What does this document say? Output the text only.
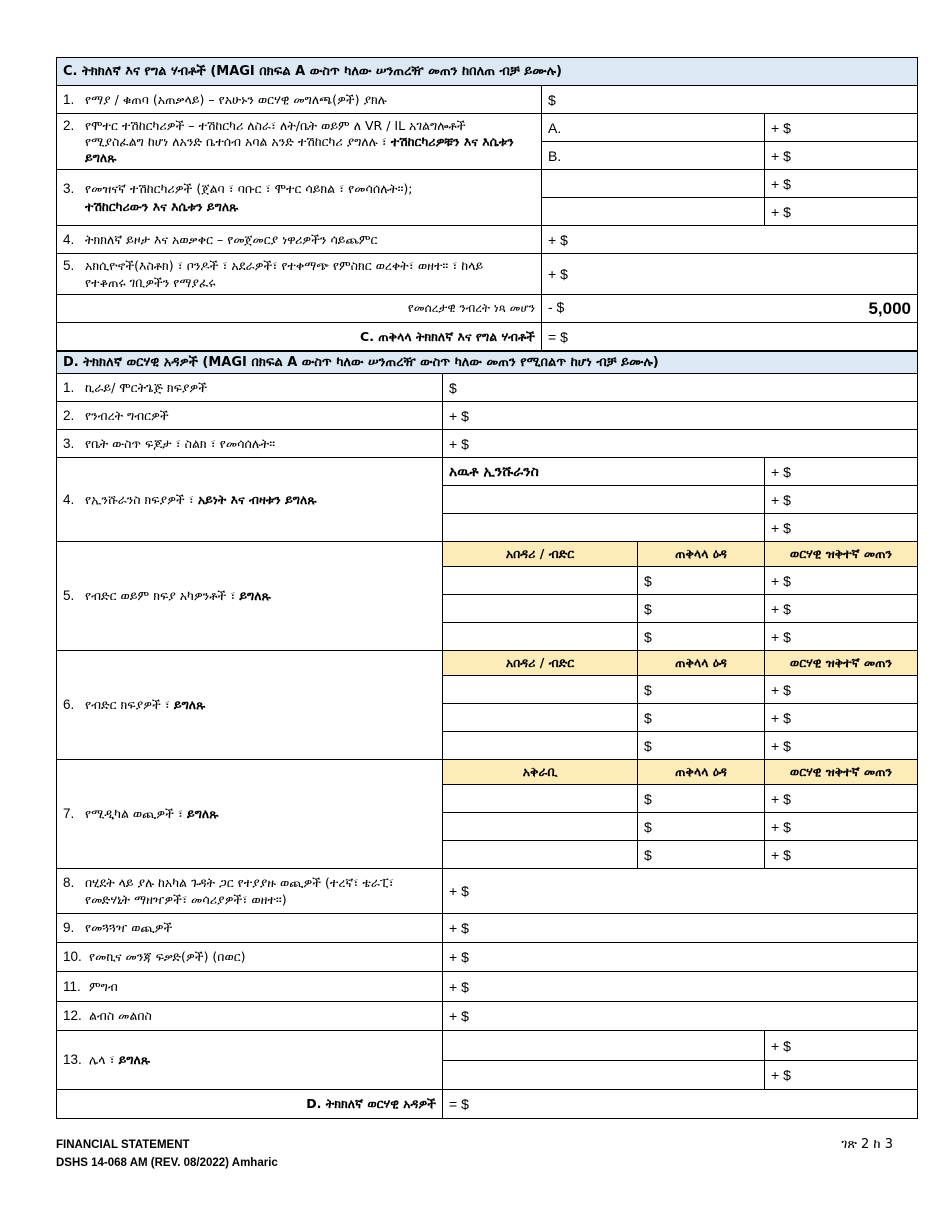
C. ትክክለኛ እና የግል ሃብቶች (MAGI በክፍል A ውስጥ ካለው ሠንጠረዥ መጠን ከበለጠ ብቻ ይሙሉ)		
1. የማያ / ቁጠባ (አጠቃላይ) – የአሁኑን ወርሃዊ መግለጫ(ዎች) ያክሉ	$	
2. የሞተር ተሽከርካሪዎች – ተሽከርካሪ ለስራ፣ ለት/ቤት ወይም ለ VR / IL አገልግሎቶች የሚያስፈልግ ከሆነ ለአንድ ቤተሰብ አባል አንድ ተሽከርካሪ ያግለሉ ፣ ተሽከርካሪዎቹን እና እሴቱን ይግለጹ	A.	+ $
	B.	+ $
3. የመዝናኛ ተሽከርካሪዎች (ጀልባ ፣ ባቡር ፣ ሞተር ሳይክል ፣ የመሳሰሉት።);
ተሽከርካሪውን እና እሴቱን ይግለጹ		+ $
		+ $
4. ትክክለኛ ይዞታ እና አወቃቀር – የመጀመርያ ነዋሪዎችን ሳይጨምር	+ $	
5. አክሲዮኖች(እስቶክ) ፣ ቦንዶች ፣ አደራዎች፣ የተቀማጭ የምስክር ወረቀት፣ ወዘተ። ፣ ከላይ የተቆጠሩ ገቢዎችን የማያፈሩ	+ $	
የመሰረታዊ ንብረት ነጻ መሆን	- $ 5,000	

C. ጠቅላላ ትክክለኛ እና የግል ሃብቶች	= $	
D. ትክክለኛ ወርሃዊ አዳዎች (MAGI በክፍል A ውስጥ ካለው ሠንጠረዥ ውስጥ ካለው መጠን የሚበልጥ ከሆነ ብቻ ይሙሉ)			
1. ኪራይ/ ሞርትጌጅ ክፍያዎች	$		
2. የንብረት ግብርዎች	+ $		
3. የቤት ውስጥ ፍጆታ ፣ ስልክ ፣ የመሳሰሉት።	+ $		
4. የኢንሹራንስ ክፍያዎች ፣ አይነት እና ብዛቱን ይግለጹ	አዉቶ ኢንሹራንስ		+ $
			+ $
			+ $
5. የብድር ወይም ክፍያ አካዎንቶች ፣ ይግለጹ	አበዳሪ / ብድር	ጠቅላላ ዕዳ	ወርሃዊ ዝቅተኛ መጠን
		$	+ $
		$	+ $
		$	+ $
6. የብድር ክፍያዎች ፣ ይግለጹ	አበዳሪ / ብድር	ጠቅላላ ዕዳ	ወርሃዊ ዝቅተኛ መጠን
		$	+ $
		$	+ $
		$	+ $
7. የሚዲካል ወጪዎች ፣ ይግለጹ	አቅራቢ	ጠቅላላ ዕዳ	ወርሃዊ ዝቅተኛ መጠን
		$	+ $
		$	+ $
		$	+ $
8. በሂደት ላይ ያሉ ከአካል ጉዳት ጋር የተያያዙ ወጪዎች (ተረኛ፣ ቴራፒ፣ የመድሃኒት ማዘዣዎች፣ መሳሪያዎች፣ ወዘተ።)	+ $		
9. የመጓጓዣ ወጪዎች	+ $		
10. የመኪና መንጃ ፍቃድ(ዎች) (በወር)	+ $		
11. ምግብ	+ $		
12. ልብስ መልበስ	+ $		
13. ሌላ ፣ ይግለጹ			+ $
			+ $
D. ትክክለኛ ወርሃዊ አዳዎች	= $		
FINANCIAL STATEMENT
DSHS 14-068 AM (REV. 08/2022) Amharic
ገጽ 2 ከ 3
